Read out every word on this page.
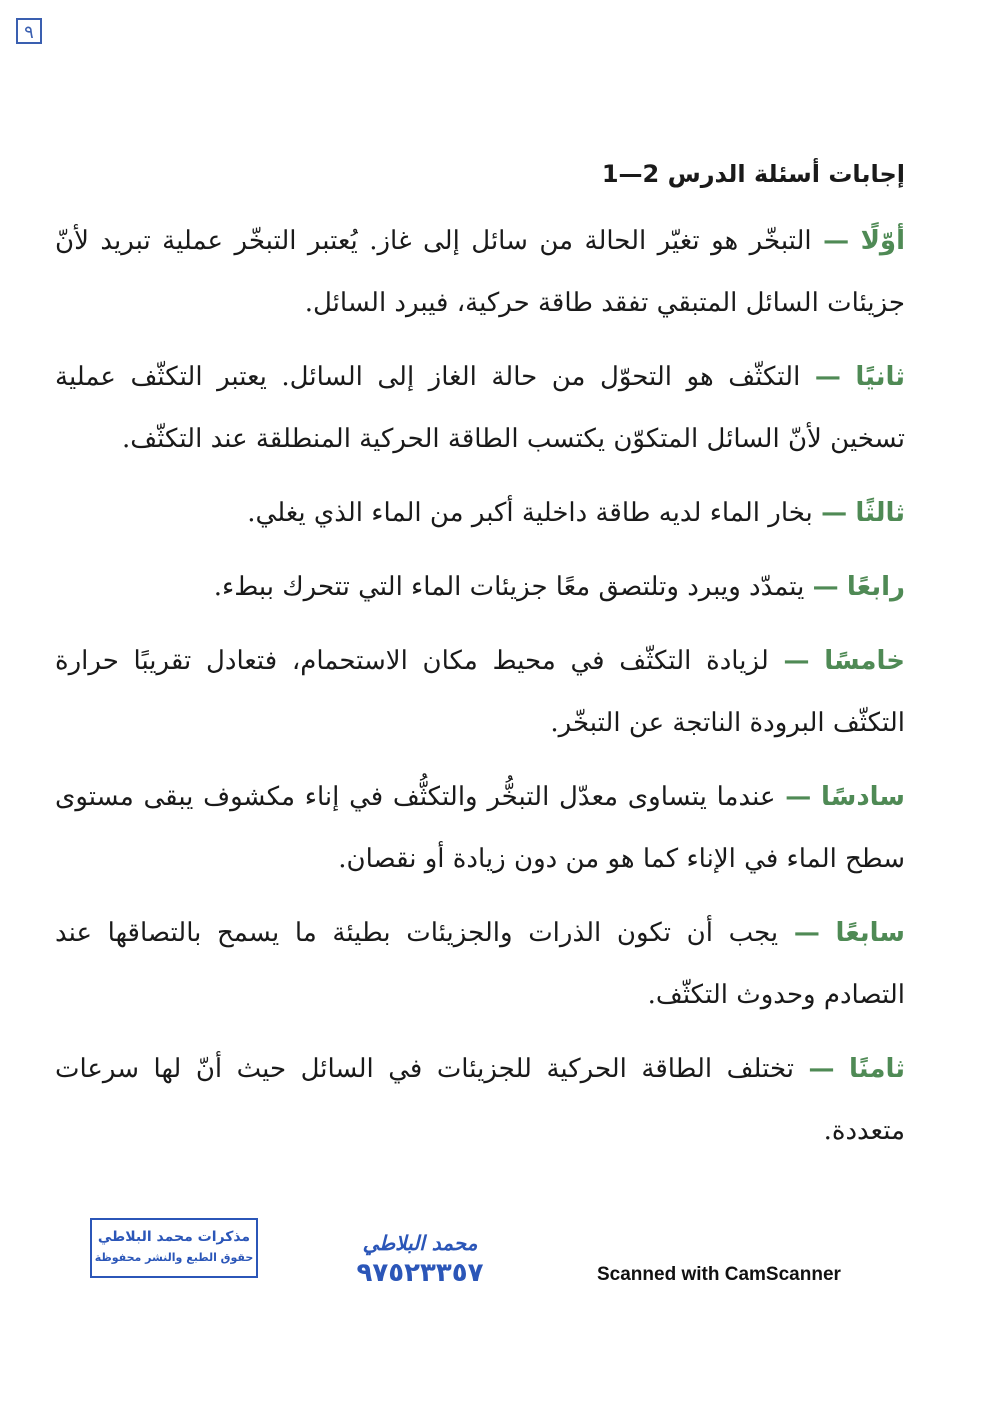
٩
إجابات أسئلة الدرس 2—1

أوّلًا — التبخّر هو تغيّر الحالة من سائل إلى غاز. يُعتبر التبخّر عملية تبريد لأنّ جزيئات السائل المتبقي تفقد طاقة حركية، فيبرد السائل.

ثانيًا — التكثّف هو التحوّل من حالة الغاز إلى السائل. يعتبر التكثّف عملية تسخين لأنّ السائل المتكوّن يكتسب الطاقة الحركية المنطلقة عند التكثّف.

ثالثًا — بخار الماء لديه طاقة داخلية أكبر من الماء الذي يغلي.

رابعًا — يتمدّد ويبرد وتلتصق معًا جزيئات الماء التي تتحرك ببطء.

خامسًا — لزيادة التكثّف في محيط مكان الاستحمام، فتعادل تقريبًا حرارة التكثّف البرودة الناتجة عن التبخّر.

سادسًا — عندما يتساوى معدّل التبخُّر والتكثُّف في إناء مكشوف يبقى مستوى سطح الماء في الإناء كما هو من دون زيادة أو نقصان.

سابعًا — يجب أن تكون الذرات والجزيئات بطيئة ما يسمح بالتصاقها عند التصادم وحدوث التكثّف.

ثامنًا — تختلف الطاقة الحركية للجزيئات في السائل حيث أنّ لها سرعات متعددة.

مذكرات محمد البلاطي
حقوق الطبع والنشر محفوظة
محمد البلاطي
٩٧٥٢٣٣٥٧	Scanned with CamScanner
